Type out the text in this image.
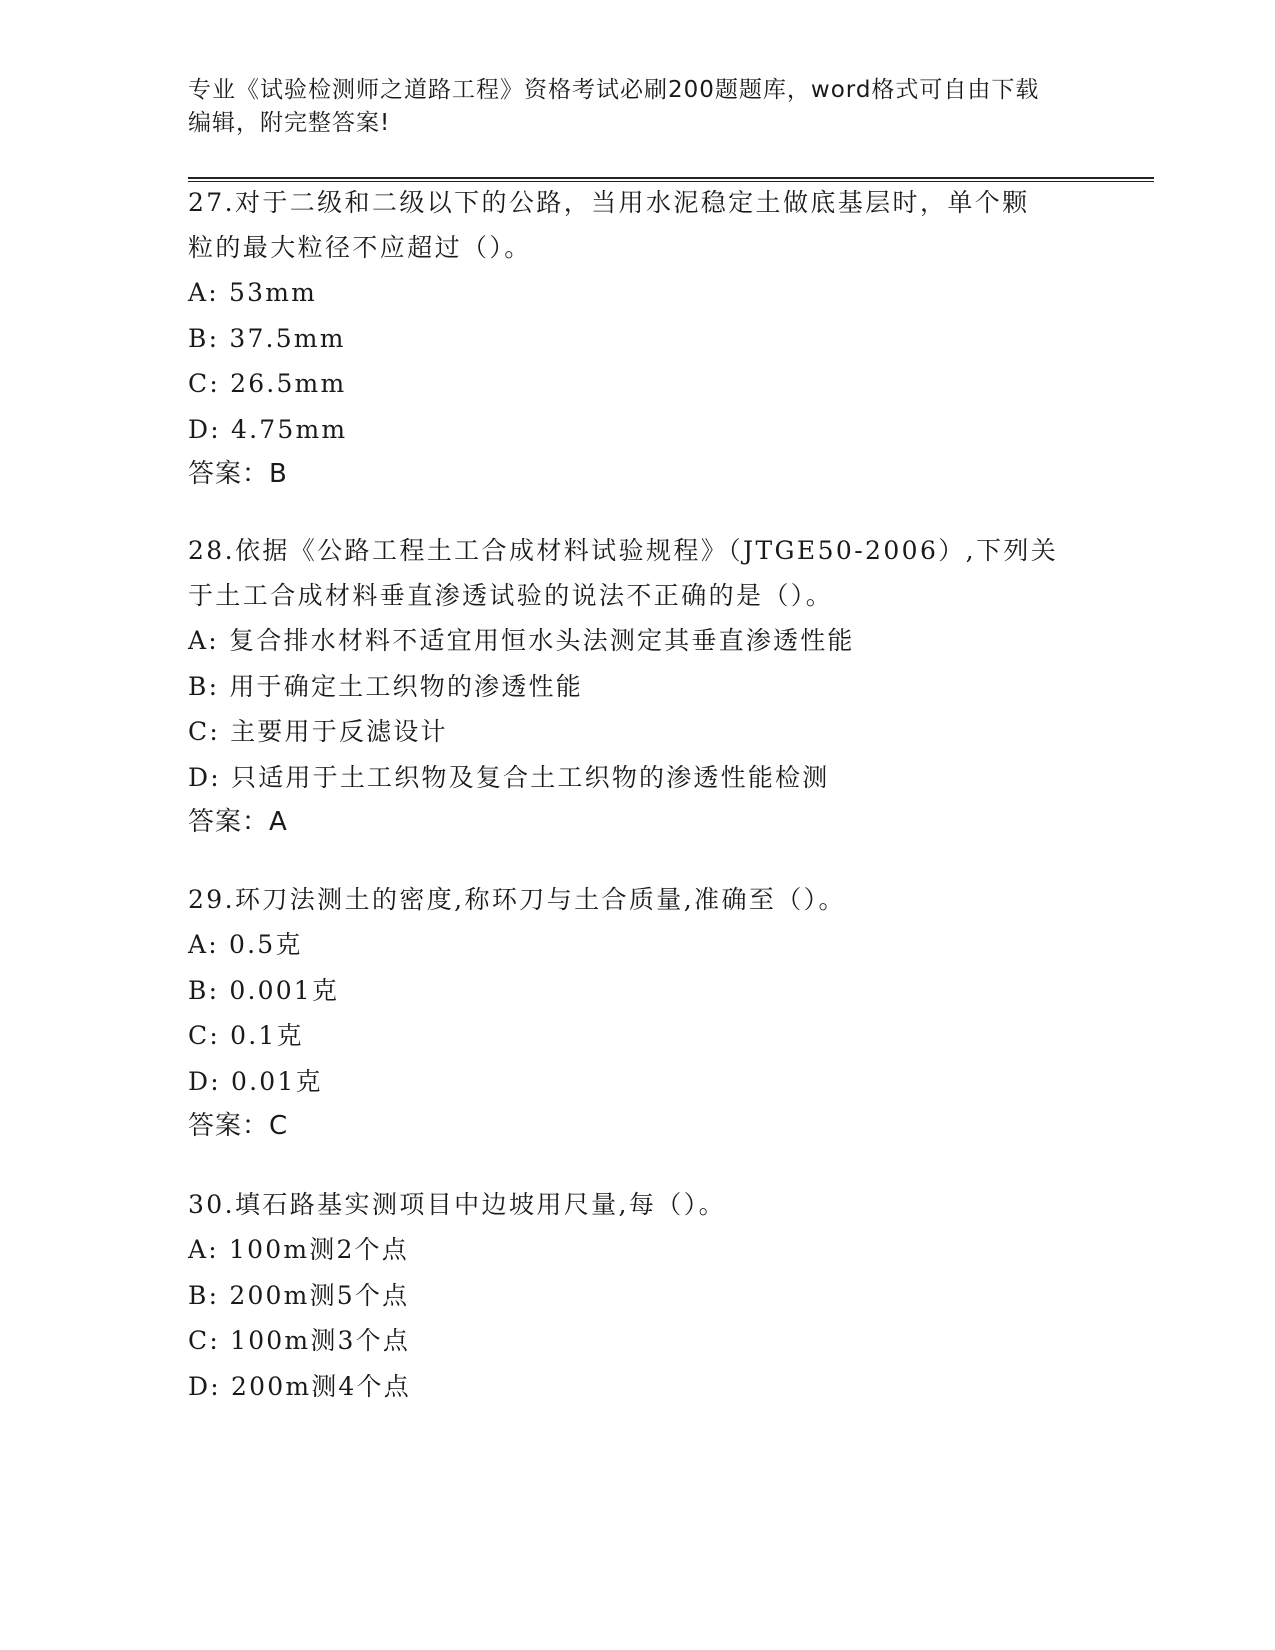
专业《试验检测师之道路工程》资格考试必刷200题题库，word格式可自由下载
编辑，附完整答案!

27.对于二级和二级以下的公路，当用水泥稳定土做底基层时，单个颗

粒的最大粒径不应超过（）。

A: 53mm

B: 37.5mm

C: 26.5mm

D: 4.75mm

答案：B

28.依据《公路工程土工合成材料试验规程》（JTGE50-2006）,下列关

于土工合成材料垂直渗透试验的说法不正确的是（）。

A: 复合排水材料不适宜用恒水头法测定其垂直渗透性能

B: 用于确定土工织物的渗透性能

C: 主要用于反滤设计

D: 只适用于土工织物及复合土工织物的渗透性能检测

答案：A

29.环刀法测土的密度,称环刀与土合质量,准确至（）。

A: 0.5克

B: 0.001克

C: 0.1克

D: 0.01克

答案：C

30.填石路基实测项目中边坡用尺量,每（）。

A: 100m测2个点

B: 200m测5个点

C: 100m测3个点

D: 200m测4个点
